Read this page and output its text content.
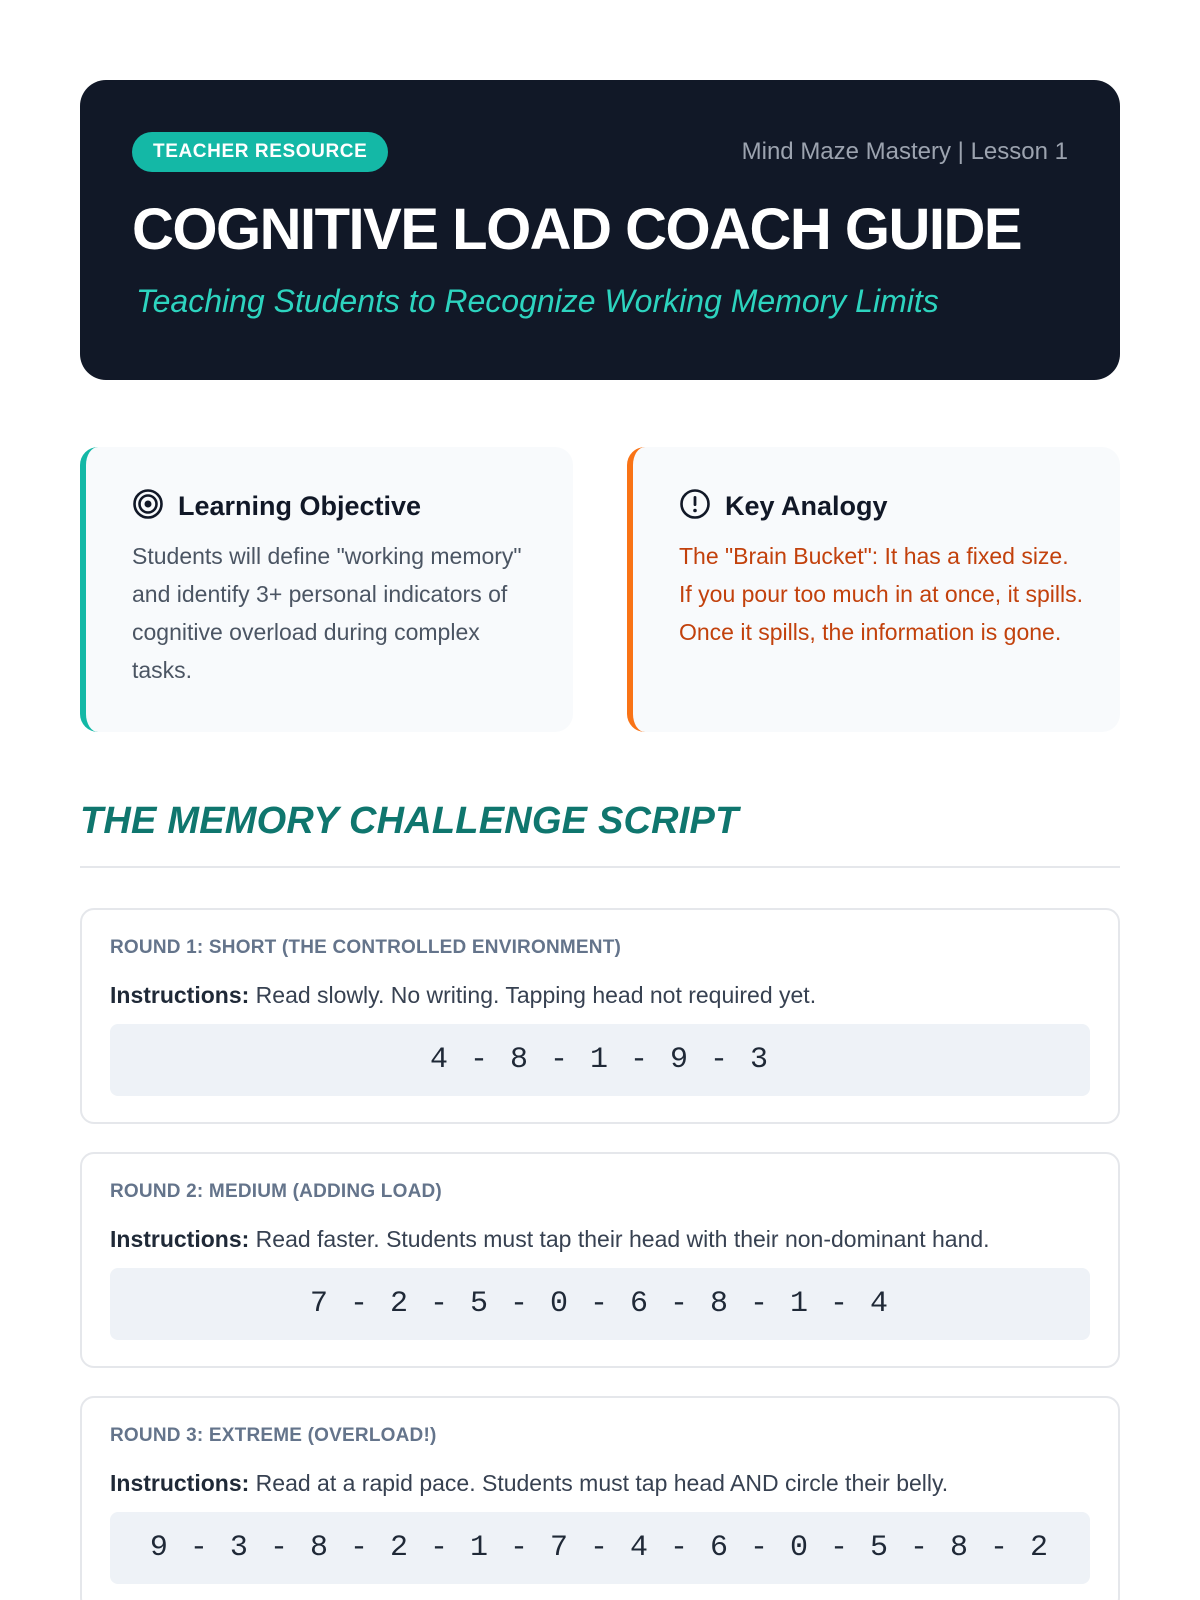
TEACHER RESOURCE	Mind Maze Mastery | Lesson 1
COGNITIVE LOAD COACH GUIDE
Teaching Students to Recognize Working Memory Limits
Learning Objective
Students will define "working memory" and identify 3+ personal indicators of cognitive overload during complex tasks.
Key Analogy
The "Brain Bucket": It has a fixed size. If you pour too much in at once, it spills. Once it spills, the information is gone.
THE MEMORY CHALLENGE SCRIPT
ROUND 1: SHORT (THE CONTROLLED ENVIRONMENT)
Instructions: Read slowly. No writing. Tapping head not required yet.
4 - 8 - 1 - 9 - 3
ROUND 2: MEDIUM (ADDING LOAD)
Instructions: Read faster. Students must tap their head with their non-dominant hand.
7 - 2 - 5 - 0 - 6 - 8 - 1 - 4
ROUND 3: EXTREME (OVERLOAD!)
Instructions: Read at a rapid pace. Students must tap head AND circle their belly.
9 - 3 - 8 - 2 - 1 - 7 - 4 - 6 - 0 - 5 - 8 - 2
